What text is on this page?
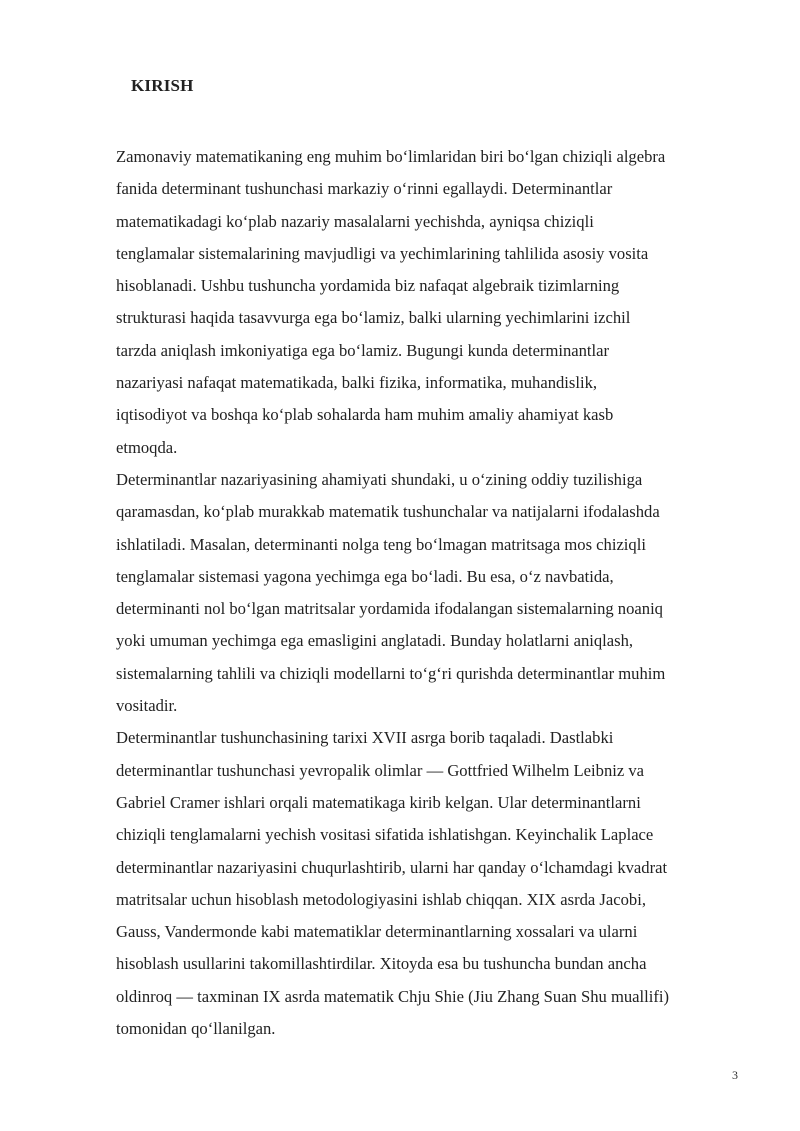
KIRISH
Zamonaviy matematikaning eng muhim bo‘limlaridan biri bo‘lgan chiziqli algebra
fanida determinant tushunchasi markaziy o‘rinni egallaydi. Determinantlar
matematikadagi ko‘plab nazariy masalalarni yechishda, ayniqsa chiziqli
tenglamalar sistemalarining mavjudligi va yechimlarining tahlilida asosiy vosita
hisoblanadi. Ushbu tushuncha yordamida biz nafaqat algebraik tizimlarning
strukturasi haqida tasavvurga ega bo‘lamiz, balki ularning yechimlarini izchil
tarzda aniqlash imkoniyatiga ega bo‘lamiz. Bugungi kunda determinantlar
nazariyasi nafaqat matematikada, balki fizika, informatika, muhandislik,
iqtisodiyot va boshqa ko‘plab sohalarda ham muhim amaliy ahamiyat kasb
etmoqda.
Determinantlar nazariyasining ahamiyati shundaki, u o‘zining oddiy tuzilishiga
qaramasdan, ko‘plab murakkab matematik tushunchalar va natijalarni ifodalashda
ishlatiladi. Masalan, determinanti nolga teng bo‘lmagan matritsaga mos chiziqli
tenglamalar sistemasi yagona yechimga ega bo‘ladi. Bu esa, o‘z navbatida,
determinanti nol bo‘lgan matritsalar yordamida ifodalangan sistemalarning noaniq
yoki umuman yechimga ega emasligini anglatadi. Bunday holatlarni aniqlash,
sistemalarning tahlili va chiziqli modellarni to‘g‘ri qurishda determinantlar muhim
vositadir.
Determinantlar tushunchasining tarixi XVII asrga borib taqaladi. Dastlabki
determinantlar tushunchasi yevropalik olimlar — Gottfried Wilhelm Leibniz va
Gabriel Cramer ishlari orqali matematikaga kirib kelgan. Ular determinantlarni
chiziqli tenglamalarni yechish vositasi sifatida ishlatishgan. Keyinchalik Laplace
determinantlar nazariyasini chuqurlashtirib, ularni har qanday o‘lchamdagi kvadrat
matritsalar uchun hisoblash metodologiyasini ishlab chiqqan. XIX asrda Jacobi,
Gauss, Vandermonde kabi matematiklar determinantlarning xossalari va ularni
hisoblash usullarini takomillashtirdilar. Xitoyda esa bu tushuncha bundan ancha
oldinroq — taxminan IX asrda matematik Chju Shie (Jiu Zhang Suan Shu muallifi)
tomonidan qo‘llanilgan.
3
